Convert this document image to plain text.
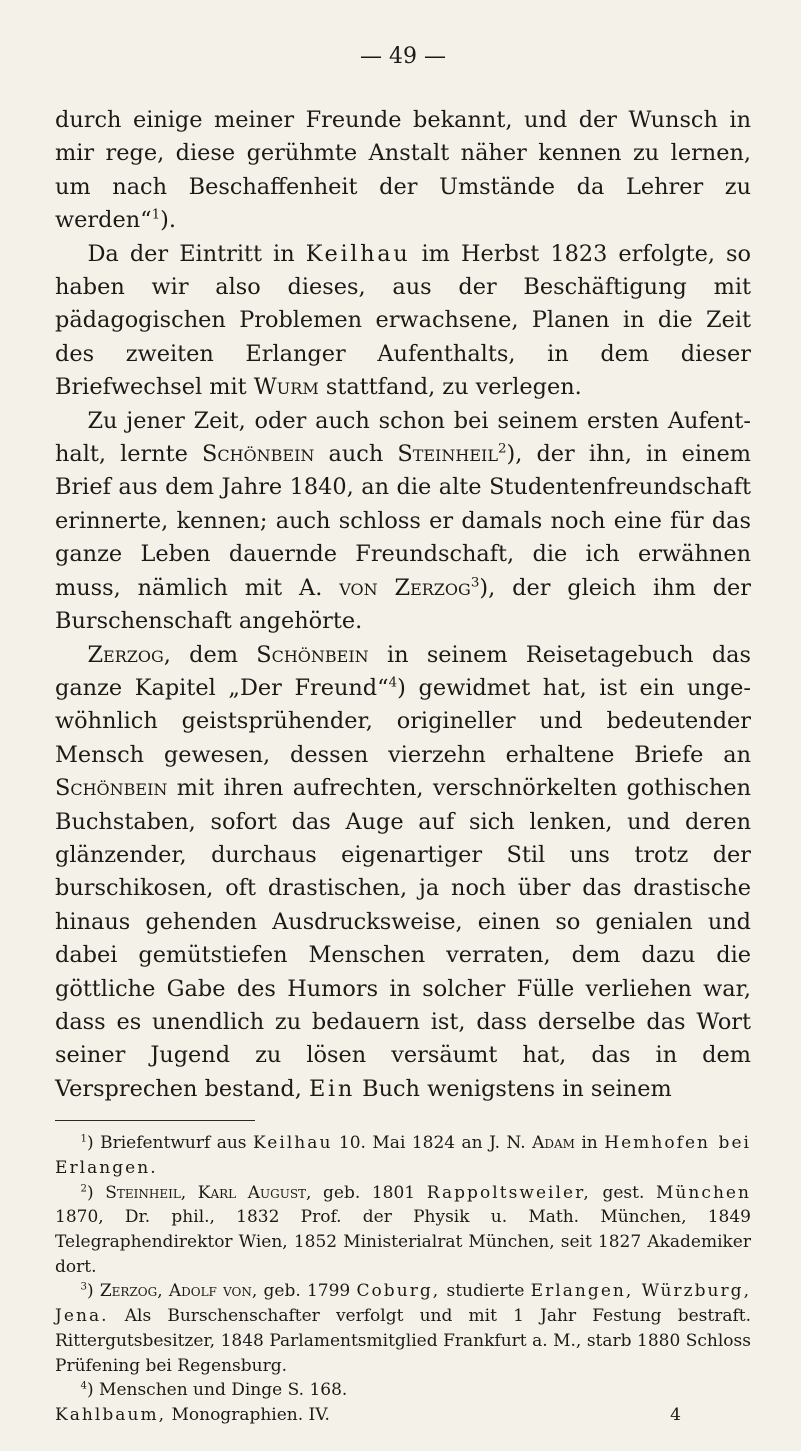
— 49 —

durch einige meiner Freunde bekannt, und der Wunsch in mir rege, diese gerühmte Anstalt näher kennen zu lernen, um nach Beschaffenheit der Umstände da Lehrer zu werden“$^1$).

Da der Eintritt in Keilhau im Herbst 1823 erfolgte, so haben wir also dieses, aus der Beschäftigung mit pädagogischen Problemen erwachsene, Planen in die Zeit des zweiten Erlanger Aufenthalts, in dem dieser Briefwechsel mit Wurm stattfand, zu verlegen.

Zu jener Zeit, oder auch schon bei seinem ersten Aufenthalt, lernte Schönbein auch Steinheil$^2$), der ihn, in einem Brief aus dem Jahre 1840, an die alte Studentenfreundschaft erinnerte, kennen; auch schloss er damals noch eine für das ganze Leben dauernde Freundschaft, die ich erwähnen muss, nämlich mit A. von Zerzog$^3$), der gleich ihm der Burschenschaft angehörte.

Zerzog, dem Schönbein in seinem Reisetagebuch das ganze Kapitel „Der Freund“$^4$) gewidmet hat, ist ein ungewöhnlich geistsprühender, origineller und bedeutender Mensch gewesen, dessen vierzehn erhaltene Briefe an Schönbein mit ihren aufrechten, verschnörkelten gothischen Buchstaben, sofort das Auge auf sich lenken, und deren glänzender, durchaus eigenartiger Stil uns trotz der burschikosen, oft drastischen, ja noch über das drastische hinaus gehenden Ausdrucksweise, einen so genialen und dabei gemütstiefen Menschen verraten, dem dazu die göttliche Gabe des Humors in solcher Fülle verliehen war, dass es unendlich zu bedauern ist, dass derselbe das Wort seiner Jugend zu lösen versäumt hat, das in dem Versprechen bestand, Ein Buch wenigstens in seinem

$^1$) Briefentwurf aus Keilhau 10. Mai 1824 an J. N. Adam in Hemhofen bei Erlangen.

$^2$) Steinheil, Karl August, geb. 1801 Rappoltsweiler, gest. München 1870, Dr. phil., 1832 Prof. der Physik u. Math. München, 1849 Telegraphendirektor Wien, 1852 Ministerialrat München, seit 1827 Akademiker dort.

$^3$) Zerzog, Adolf von, geb. 1799 Coburg, studierte Erlangen, Würzburg, Jena. Als Burschenschafter verfolgt und mit 1 Jahr Festung bestraft. Rittergutsbesitzer, 1848 Parlamentsmitglied Frankfurt a. M., starb 1880 Schloss Prüfening bei Regensburg.

$^4$) Menschen und Dinge S. 168.

Kahlbaum, Monographien. IV.	4
